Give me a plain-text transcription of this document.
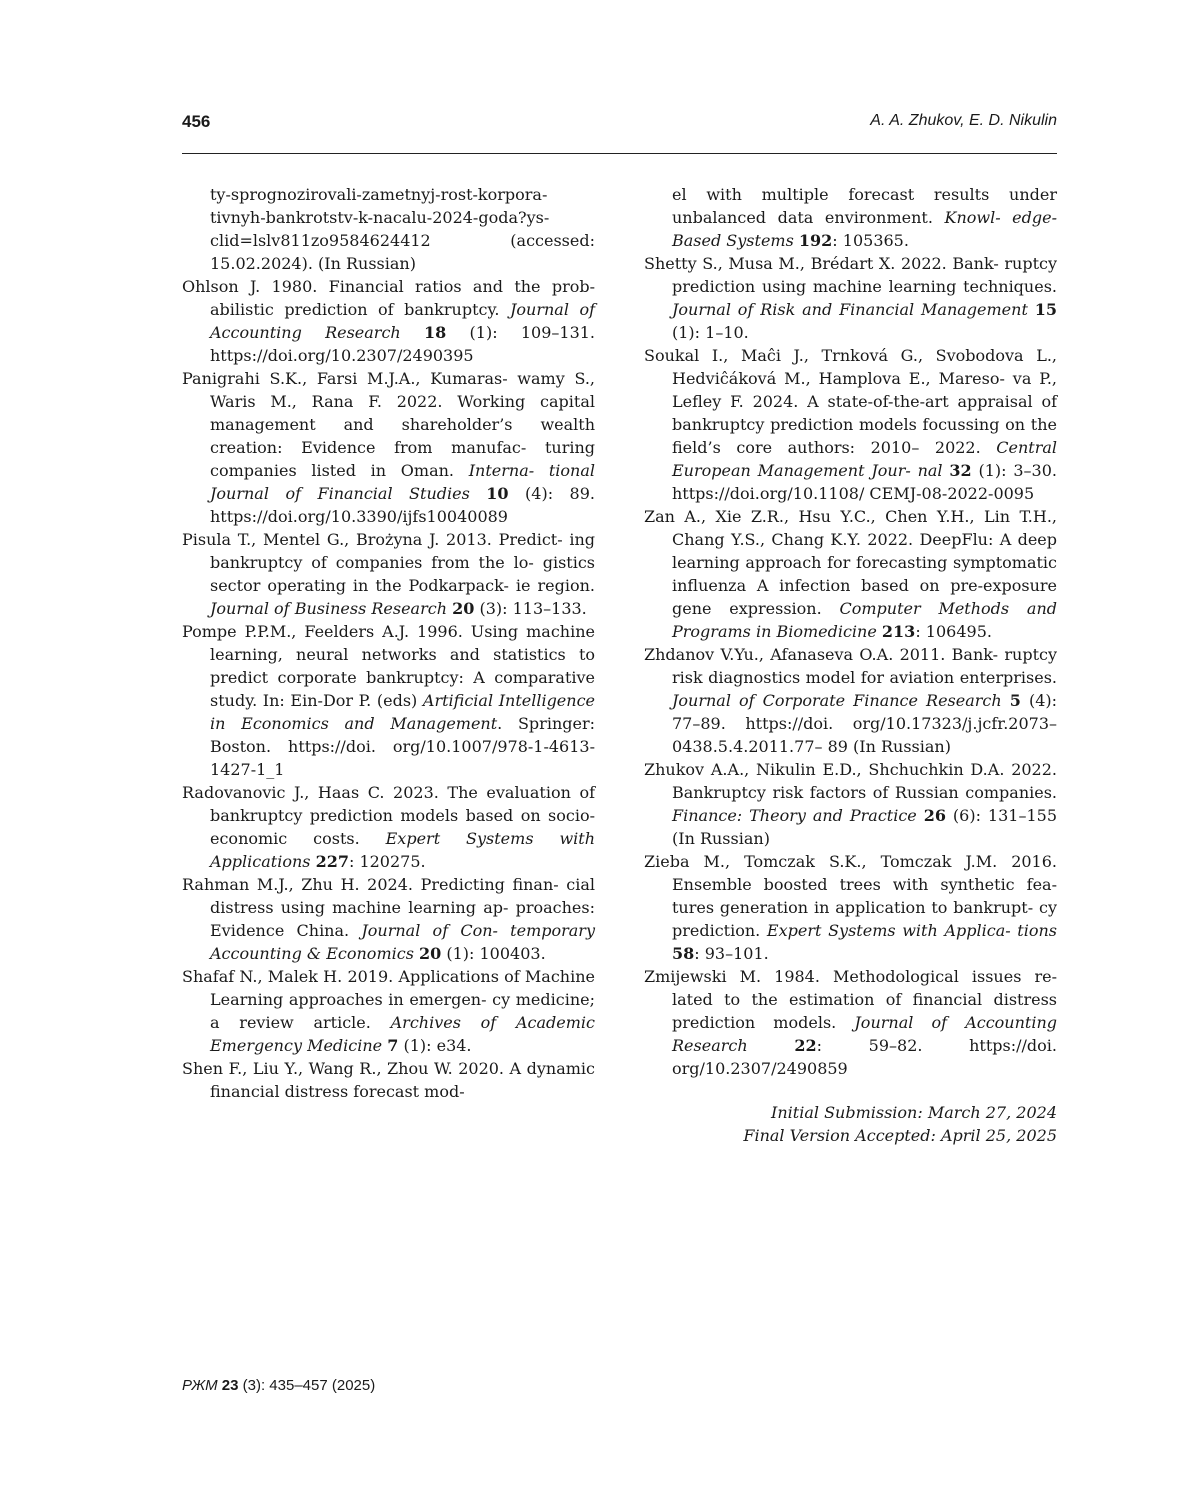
456	A. A. Zhukov, E. D. Nikulin

ty-sprognozirovali-zametnyj-rost-korpora- tivnyh-bankrotstv-k-nacalu-2024-goda?ys- clid=lslv811zo9584624412 (accessed: 15.02.2024). (In Russian)

Ohlson J. 1980. Financial ratios and the prob- abilistic prediction of bankruptcy. Journal of Accounting Research 18 (1): 109–131. https://doi.org/10.2307/2490395

Panigrahi S.K., Farsi M.J.A., Kumaras- wamy S., Waris M., Rana F. 2022. Working capital management and shareholder’s wealth creation: Evidence from manufac- turing companies listed in Oman. Interna- tional Journal of Financial Studies 10 (4): 89. https://doi.org/10.3390/ijfs10040089

Pisula T., Mentel G., Brożyna J. 2013. Predict- ing bankruptcy of companies from the lo- gistics sector operating in the Podkarpack- ie region. Journal of Business Research 20 (3): 113–133.

Pompe P.P.M., Feelders A.J. 1996. Using machine learning, neural networks and statistics to predict corporate bankruptcy: A comparative study. In: Ein-Dor P. (eds) Artificial Intelligence in Economics and Management. Springer: Boston. https://doi. org/10.1007/978-1-4613-1427-1_1

Radovanovic J., Haas C. 2023. The evaluation of bankruptcy prediction models based on socio-economic costs. Expert Systems with Applications 227: 120275.

Rahman M.J., Zhu H. 2024. Predicting finan- cial distress using machine learning ap- proaches: Evidence China. Journal of Con- temporary Accounting & Economics 20 (1): 100403.

Shafaf N., Malek H. 2019. Applications of Machine Learning approaches in emergen- cy medicine; a review article. Archives of Academic Emergency Medicine 7 (1): e34.

Shen F., Liu Y., Wang R., Zhou W. 2020. A dynamic financial distress forecast mod-

el with multiple forecast results under unbalanced data environment. Knowl- edge-Based Systems 192: 105365.

Shetty S., Musa M., Brédart X. 2022. Bank- ruptcy prediction using machine learning techniques. Journal of Risk and Financial Management 15 (1): 1–10.

Soukal I., Maĉi J., Trnková G., Svobodova L., Hedviĉáková M., Hamplova E., Mareso- va P., Lefley F. 2024. A state-of-the-art appraisal of bankruptcy prediction models focussing on the field’s core authors: 2010– 2022. Central European Management Jour- nal 32 (1): 3–30. https://doi.org/10.1108/ CEMJ-08-2022-0095

Zan A., Xie Z.R., Hsu Y.C., Chen Y.H., Lin T.H., Chang Y.S., Chang K.Y. 2022. DeepFlu: A deep learning approach for forecasting symptomatic influenza A infection based on pre-exposure gene expression. Computer Methods and Programs in Biomedicine 213: 106495.

Zhdanov V.Yu., Afanaseva O.A. 2011. Bank- ruptcy risk diagnostics model for aviation enterprises. Journal of Corporate Finance Research 5 (4): 77–89. https://doi. org/10.17323/j.jcfr.2073–0438.5.4.2011.77– 89 (In Russian)

Zhukov A.A., Nikulin E.D., Shchuchkin D.A. 2022. Bankruptcy risk factors of Russian companies. Finance: Theory and Practice 26 (6): 131–155 (In Russian)

Zieba M., Tomczak S.K., Tomczak J.M. 2016. Ensemble boosted trees with synthetic fea- tures generation in application to bankrupt- cy prediction. Expert Systems with Applica- tions 58: 93–101.

Zmijewski M. 1984. Methodological issues re- lated to the estimation of financial distress prediction models. Journal of Accounting Research	22: 59–82. https://doi. org/10.2307/2490859

Initial Submission: March 27, 2024
Final Version Accepted: April 25, 2025
РЖМ 23 (3): 435–457 (2025)
